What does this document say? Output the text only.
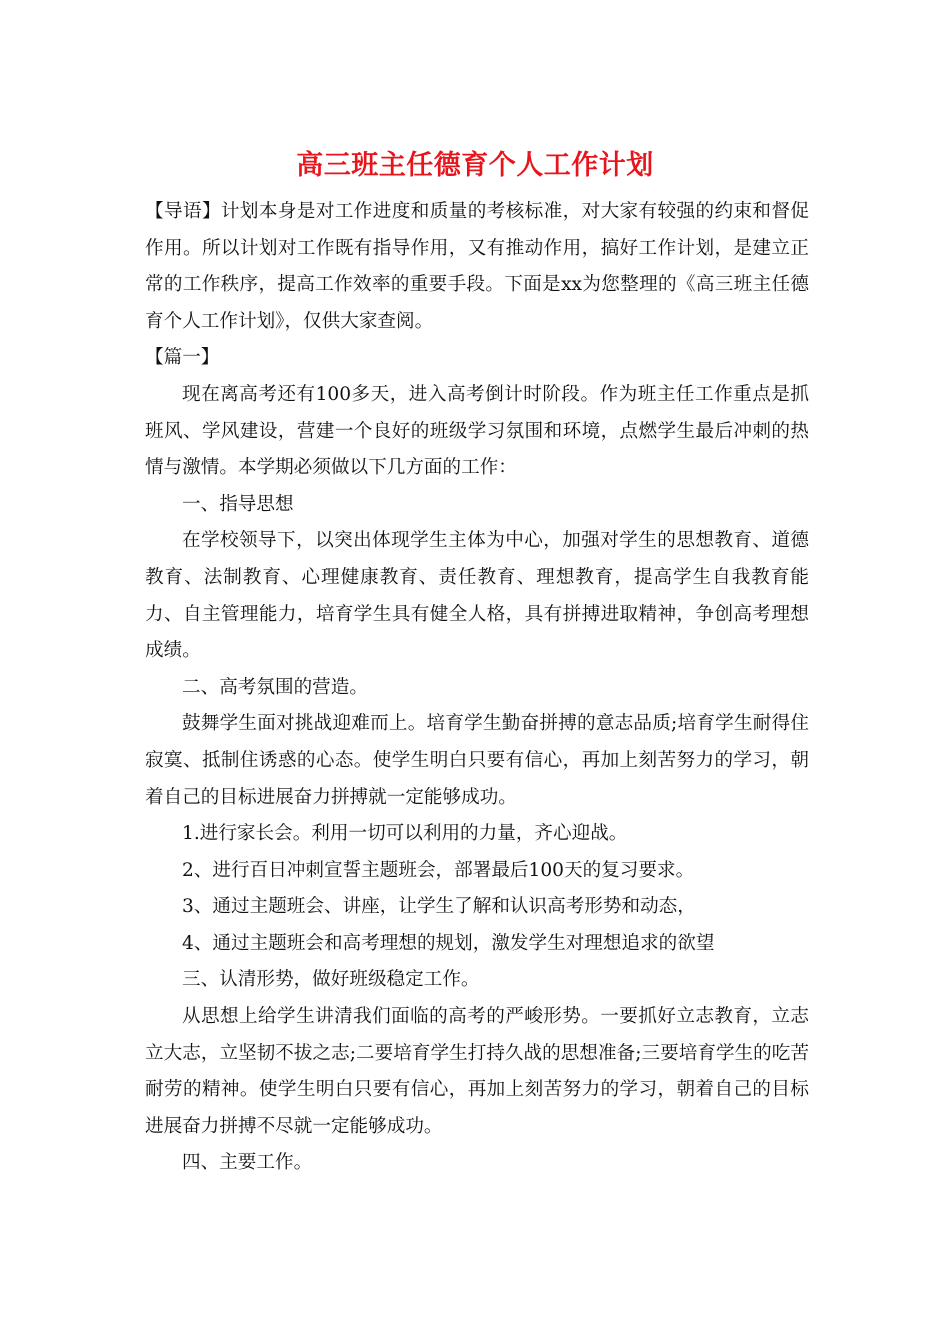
高三班主任德育个人工作计划

【导语】计划本身是对工作进度和质量的考核标准，对大家有较强的约束和督促作用。所以计划对工作既有指导作用，又有推动作用，搞好工作计划，是建立正常的工作秩序，提高工作效率的重要手段。下面是xx为您整理的《高三班主任德育个人工作计划》，仅供大家查阅。

【篇一】

现在离高考还有100多天，进入高考倒计时阶段。作为班主任工作重点是抓班风、学风建设，营建一个良好的班级学习氛围和环境，点燃学生最后冲刺的热情与激情。本学期必须做以下几方面的工作：

一、指导思想

在学校领导下，以突出体现学生主体为中心，加强对学生的思想教育、道德教育、法制教育、心理健康教育、责任教育、理想教育，提高学生自我教育能力、自主管理能力，培育学生具有健全人格，具有拼搏进取精神，争创高考理想成绩。

二、高考氛围的营造。

鼓舞学生面对挑战迎难而上。培育学生勤奋拼搏的意志品质;培育学生耐得住寂寞、抵制住诱惑的心态。使学生明白只要有信心，再加上刻苦努力的学习，朝着自己的目标进展奋力拼搏就一定能够成功。

1.进行家长会。利用一切可以利用的力量，齐心迎战。

2、进行百日冲刺宣誓主题班会，部署最后100天的复习要求。

3、通过主题班会、讲座，让学生了解和认识高考形势和动态，

4、通过主题班会和高考理想的规划，激发学生对理想追求的欲望

三、认清形势，做好班级稳定工作。

从思想上给学生讲清我们面临的高考的严峻形势。一要抓好立志教育，立志立大志，立坚韧不拔之志;二要培育学生打持久战的思想准备;三要培育学生的吃苦耐劳的精神。使学生明白只要有信心，再加上刻苦努力的学习，朝着自己的目标进展奋力拼搏不尽就一定能够成功。

四、主要工作。
